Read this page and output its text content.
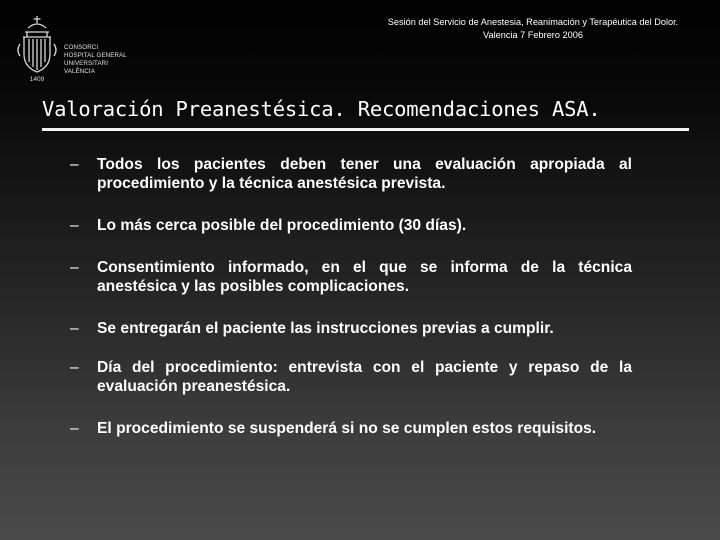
1409
CONSORCI
HOSPITAL GENERAL
UNIVERSITARI
VALÈNCIA
Sesión del Servicio de Anestesia, Reanimación y Terapéutica del Dolor.
Valencia 7 Febrero 2006
Valoración Preanestésica. Recomendaciones ASA.
– Todos los pacientes deben tener una evaluación apropiada al procedimiento y la técnica anestésica prevista.
– Lo más cerca posible del procedimiento (30 días).
– Consentimiento informado, en el que se informa de la técnica anestésica y las posibles complicaciones.
– Se entregarán el paciente las instrucciones previas a cumplir.
– Día del procedimiento: entrevista con el paciente y repaso de la evaluación preanestésica.
– El procedimiento se suspenderá si no se cumplen estos requisitos.
